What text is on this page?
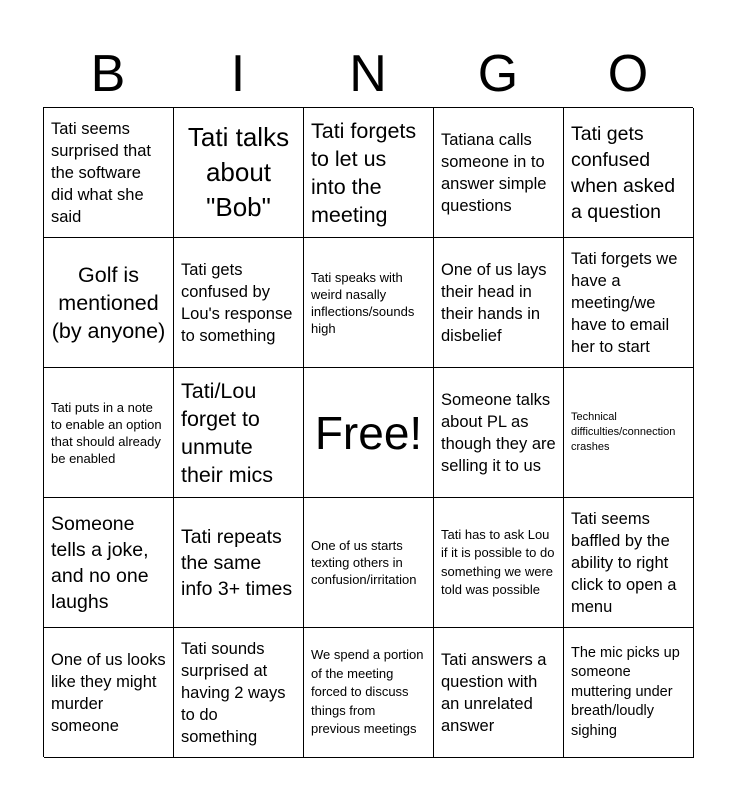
B	I	N	G	O
Tati seems surprised that the software did what she said
Tati talks about "Bob"
Tati forgets to let us into the meeting
Tatiana calls someone in to answer simple questions
Tati gets confused when asked a question
Golf is mentioned (by anyone)
Tati gets confused by Lou's response to something
Tati speaks with weird nasally inflections/sounds high
One of us lays their head in their hands in disbelief
Tati forgets we have a meeting/we have to email her to start
Tati puts in a note to enable an option that should already be enabled
Tati/Lou forget to unmute their mics
Free!
Someone talks about PL as though they are selling it to us
Technical difficulties/connection crashes
Someone tells a joke, and no one laughs
Tati repeats the same info 3+ times
One of us starts texting others in confusion/irritation
Tati has to ask Lou if it is possible to do something we were told was possible
Tati seems baffled by the ability to right click to open a menu
One of us looks like they might murder someone
Tati sounds surprised at having 2 ways to do something
We spend a portion of the meeting forced to discuss things from previous meetings
Tati answers a question with an unrelated answer
The mic picks up someone muttering under breath/loudly sighing
